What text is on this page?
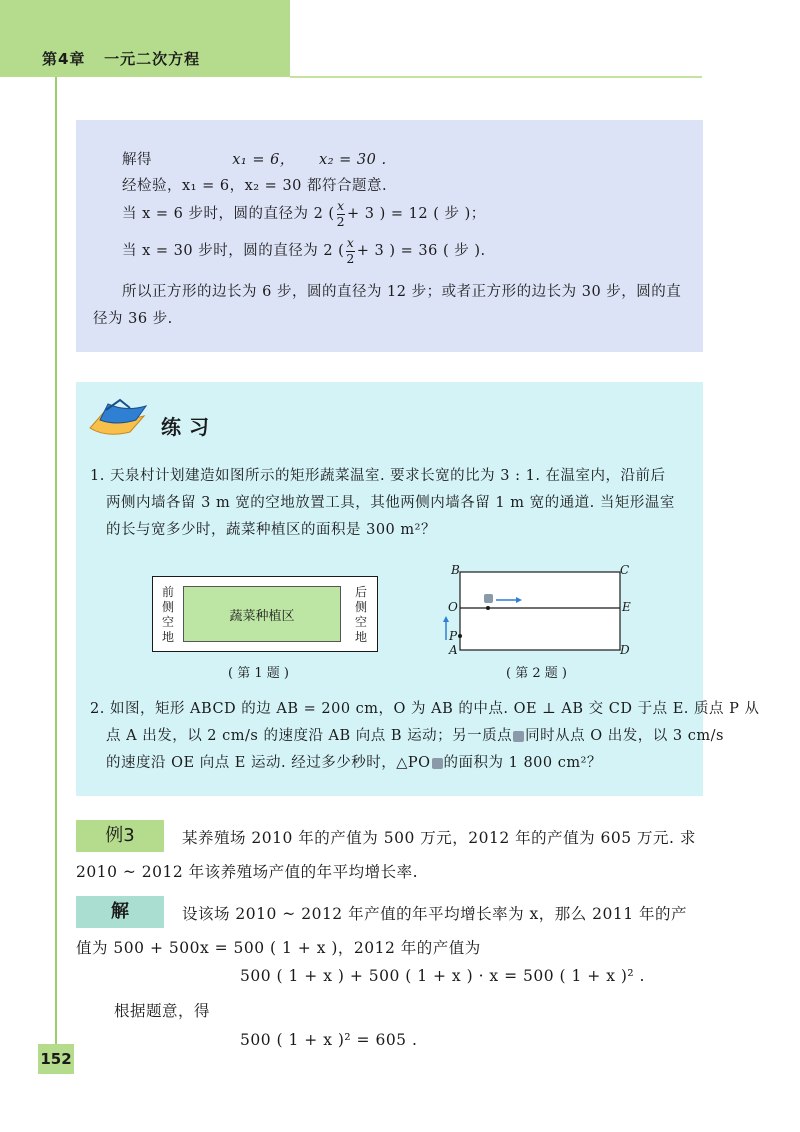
第4章 一元二次方程
解得	x₁ = 6， x₂ = 30 .
经检验，x₁ = 6，x₂ = 30 都符合题意.
当 x = 6 步时，圆的直径为 2 ( $\frac{x}{2} + 3$ ) = 12 ( 步 )；
当 x = 30 步时，圆的直径为 2 ( $\frac{x}{2} + 3$ ) = 36 ( 步 ).
所以正方形的边长为 6 步，圆的直径为 12 步；或者正方形的边长为 30 步，圆的直
径为 36 步.
练习
1. 天泉村计划建造如图所示的矩形蔬菜温室. 要求长宽的比为 3 : 1. 在温室内，沿前后
两侧内墙各留 3 m 宽的空地放置工具，其他两侧内墙各留 1 m 宽的通道. 当矩形温室
的长与宽多少时，蔬菜种植区的面积是 300 m²？
蔬菜种植区
前侧空地
后侧空地
( 第 1 题 )
B	C
O	E
P
A	D
( 第 2 题 )
2. 如图，矩形 ABCD 的边 AB = 200 cm，O 为 AB 的中点. OE ⊥ AB 交 CD 于点 E. 质点 P 从
点 A 出发，以 2 cm/s 的速度沿 AB 向点 B 运动；另一质点 同时从点 O 出发，以 3 cm/s
的速度沿 OE 向点 E 运动. 经过多少秒时，△PO 的面积为 1 800 cm²？
例3	某养殖场 2010 年的产值为 500 万元，2012 年的产值为 605 万元. 求
2010 ~ 2012 年该养殖场产值的年平均增长率.
解	设该场 2010 ~ 2012 年产值的年平均增长率为 x，那么 2011 年的产
值为 500 + 500x = 500 ( 1 + x )，2012 年的产值为
500 ( 1 + x ) + 500 ( 1 + x ) · x = 500 ( 1 + x )² .
根据题意，得
500 ( 1 + x )² = 605 .
152
